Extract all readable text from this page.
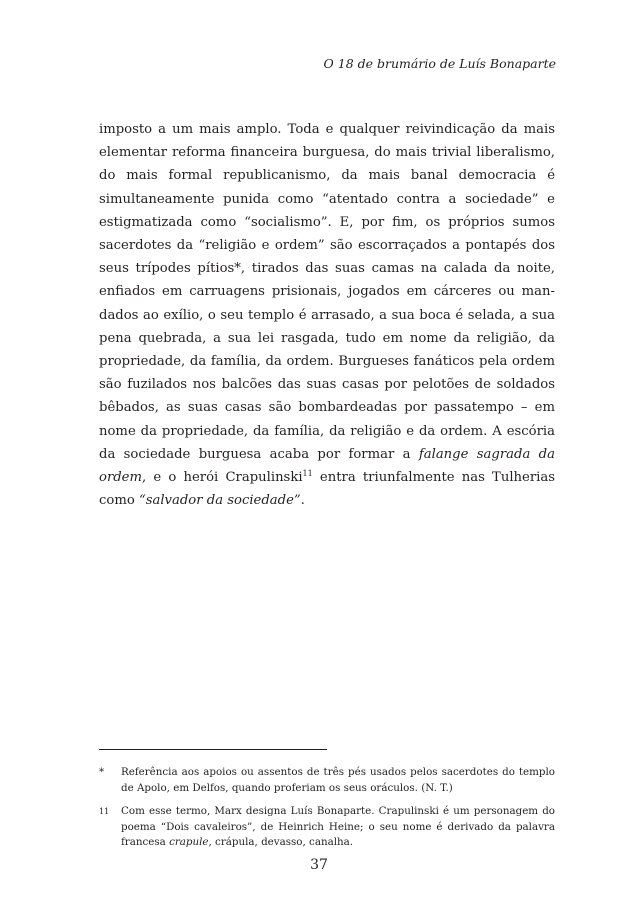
O 18 de brumário de Luís Bonaparte

imposto a um mais amplo. Toda e qualquer reivindicação da mais elementar reforma financeira burguesa, do mais trivial liberalismo, do mais formal republicanismo, da mais banal democracia é simultaneamente punida como “atentado contra a sociedade” e estigmatizada como “socialismo”. E, por fim, os próprios sumos sacerdotes da “religião e ordem” são escorraçados a pontapés dos seus trípodes pítios*, tirados das suas camas na calada da noite, enfiados em carruagens prisionais, jogados em cárceres ou mandados ao exílio, o seu templo é arrasado, a sua boca é selada, a sua pena quebrada, a sua lei rasgada, tudo em nome da religião, da propriedade, da família, da ordem. Burgueses fanáticos pela ordem são fuzilados nos balcões das suas casas por pelotões de soldados bêbados, as suas casas são bombardeadas por passatempo – em nome da propriedade, da família, da religião e da ordem. A escória da sociedade burguesa acaba por formar a falange sagrada da ordem, e o herói Crapulinski$^{11}$ entra triunfalmente nas Tulherias como “salvador da sociedade”.

*	Referência aos apoios ou assentos de três pés usados pelos sacerdotes do templo de Apolo, em Delfos, quando proferiam os seus oráculos. (N. T.)
11	Com esse termo, Marx designa Luís Bonaparte. Crapulinski é um personagem do poema “Dois cavaleiros”, de Heinrich Heine; o seu nome é derivado da palavra francesa crapule, crápula, devasso, canalha.
37
